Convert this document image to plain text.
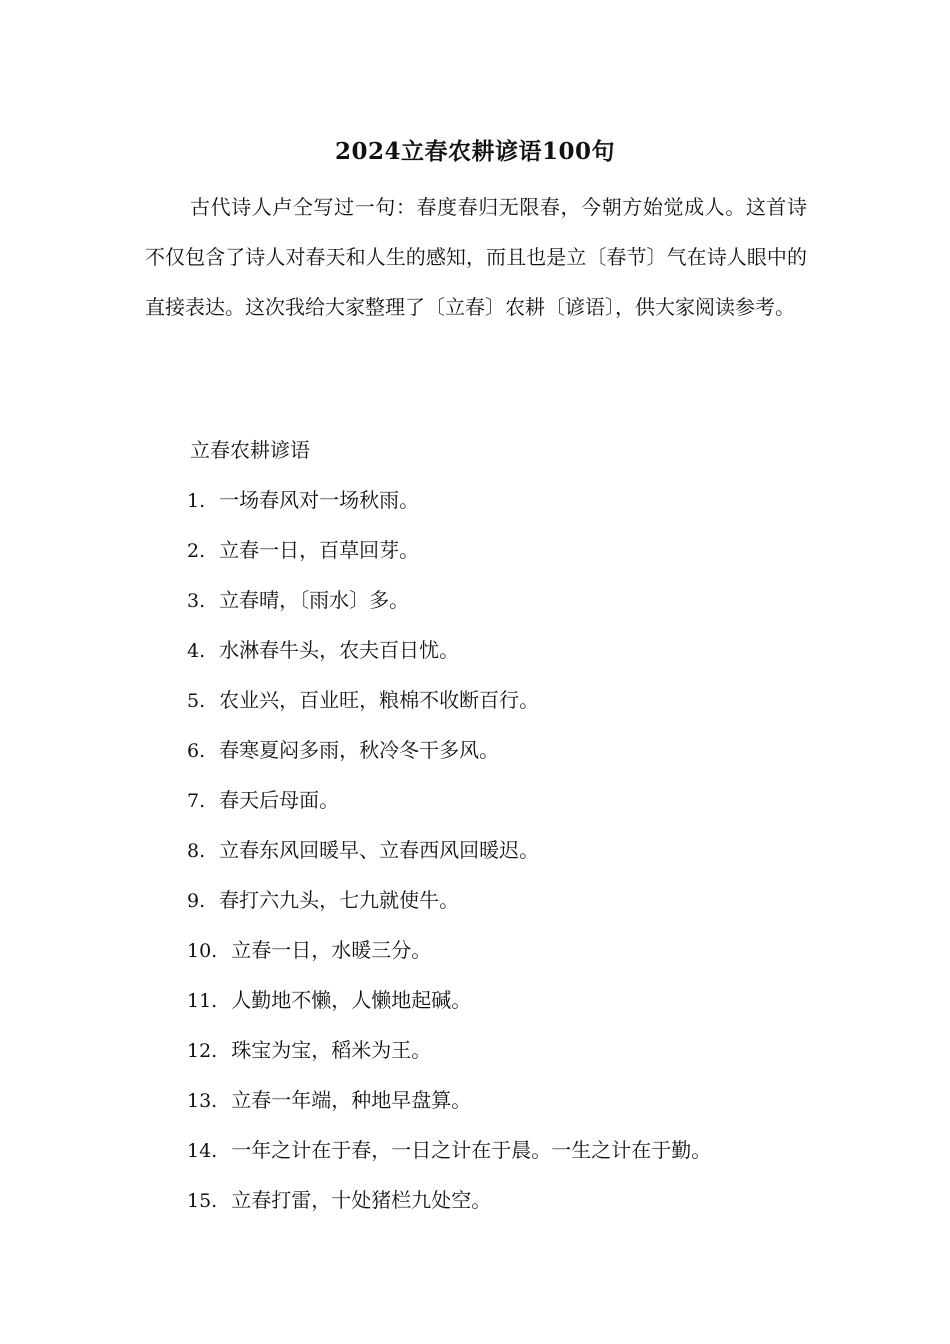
2024立春农耕谚语100句

古代诗人卢仝写过一句：春度春归无限春，今朝方始觉成人。这首诗不仅包含了诗人对春天和人生的感知，而且也是立〔春节〕气在诗人眼中的直接表达。这次我给大家整理了〔立春〕农耕〔谚语〕，供大家阅读参考。

立春农耕谚语

1. 一场春风对一场秋雨。
2. 立春一日，百草回芽。
3. 立春晴，〔雨水〕多。
4. 水淋春牛头，农夫百日忧。
5. 农业兴，百业旺，粮棉不收断百行。
6. 春寒夏闷多雨，秋冷冬干多风。
7. 春天后母面。
8. 立春东风回暖早、立春西风回暖迟。
9. 春打六九头，七九就使牛。
10. 立春一日，水暖三分。
11. 人勤地不懒，人懒地起碱。
12. 珠宝为宝，稻米为王。
13. 立春一年端，种地早盘算。
14. 一年之计在于春，一日之计在于晨。一生之计在于勤。
15. 立春打雷，十处猪栏九处空。
